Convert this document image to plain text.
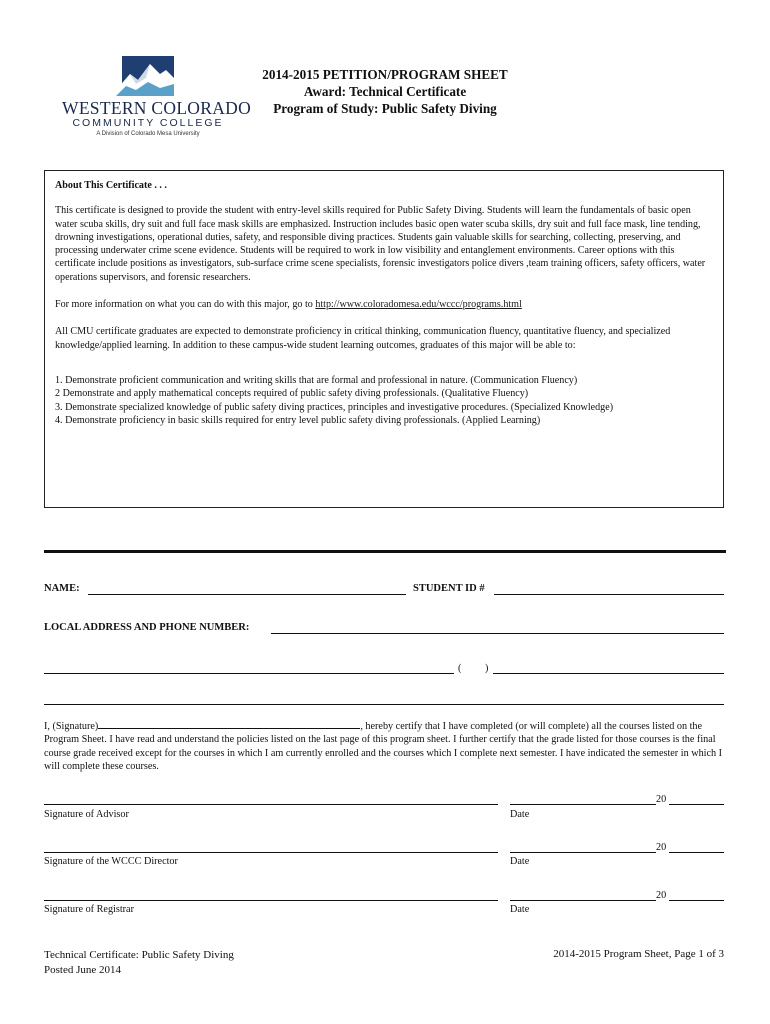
WESTERN COLORADO
COMMUNITY COLLEGE
A Division of Colorado Mesa University
2014-2015 PETITION/PROGRAM SHEET
Award: Technical Certificate
Program of Study: Public Safety Diving
About This Certificate . . .

This certificate is designed to provide the student with entry-level skills required for Public Safety Diving. Students will learn the fundamentals of basic open water scuba skills, dry suit and full face mask skills are emphasized. Instruction includes basic open water scuba skills, dry suit and full face mask, line tending, drowning investigations, operational duties, safety, and responsible diving practices. Students gain valuable skills for searching, collecting, preserving, and processing underwater crime scene evidence. Students will be required to work in low visibility and entanglement environments. Career options with this certificate include positions as investigators, sub-surface crime scene specialists, forensic investigators police divers ,team training officers, safety officers, water operations supervisors, and forensic researchers.

For more information on what you can do with this major, go to http://www.coloradomesa.edu/wccc/programs.html

All CMU certificate graduates are expected to demonstrate proficiency in critical thinking, communication fluency, quantitative fluency, and specialized knowledge/applied learning. In addition to these campus-wide student learning outcomes, graduates of this major will be able to:

1. Demonstrate proficient communication and writing skills that are formal and professional in nature. (Communication Fluency)
2 Demonstrate and apply mathematical concepts required of public safety diving professionals. (Qualitative Fluency)
3. Demonstrate specialized knowledge of public safety diving practices, principles and investigative procedures. (Specialized Knowledge)
4. Demonstrate proficiency in basic skills required for entry level public safety diving professionals. (Applied Learning)
NAME:	STUDENT ID #
LOCAL ADDRESS AND PHONE NUMBER:
( )
I, (Signature)	, hereby certify that I have completed (or will complete) all the courses listed on the Program Sheet. I have read and understand the policies listed on the last page of this program sheet. I further certify that the grade listed for those courses is the final course grade received except for the courses in which I am currently enrolled and the courses which I complete next semester. I have indicated the semester in which I will complete these courses.
Signature of Advisor
20
Date
Signature of the WCCC Director
20
Date
Signature of Registrar
20
Date
Technical Certificate: Public Safety Diving
Posted June 2014
2014-2015 Program Sheet, Page 1 of 3
